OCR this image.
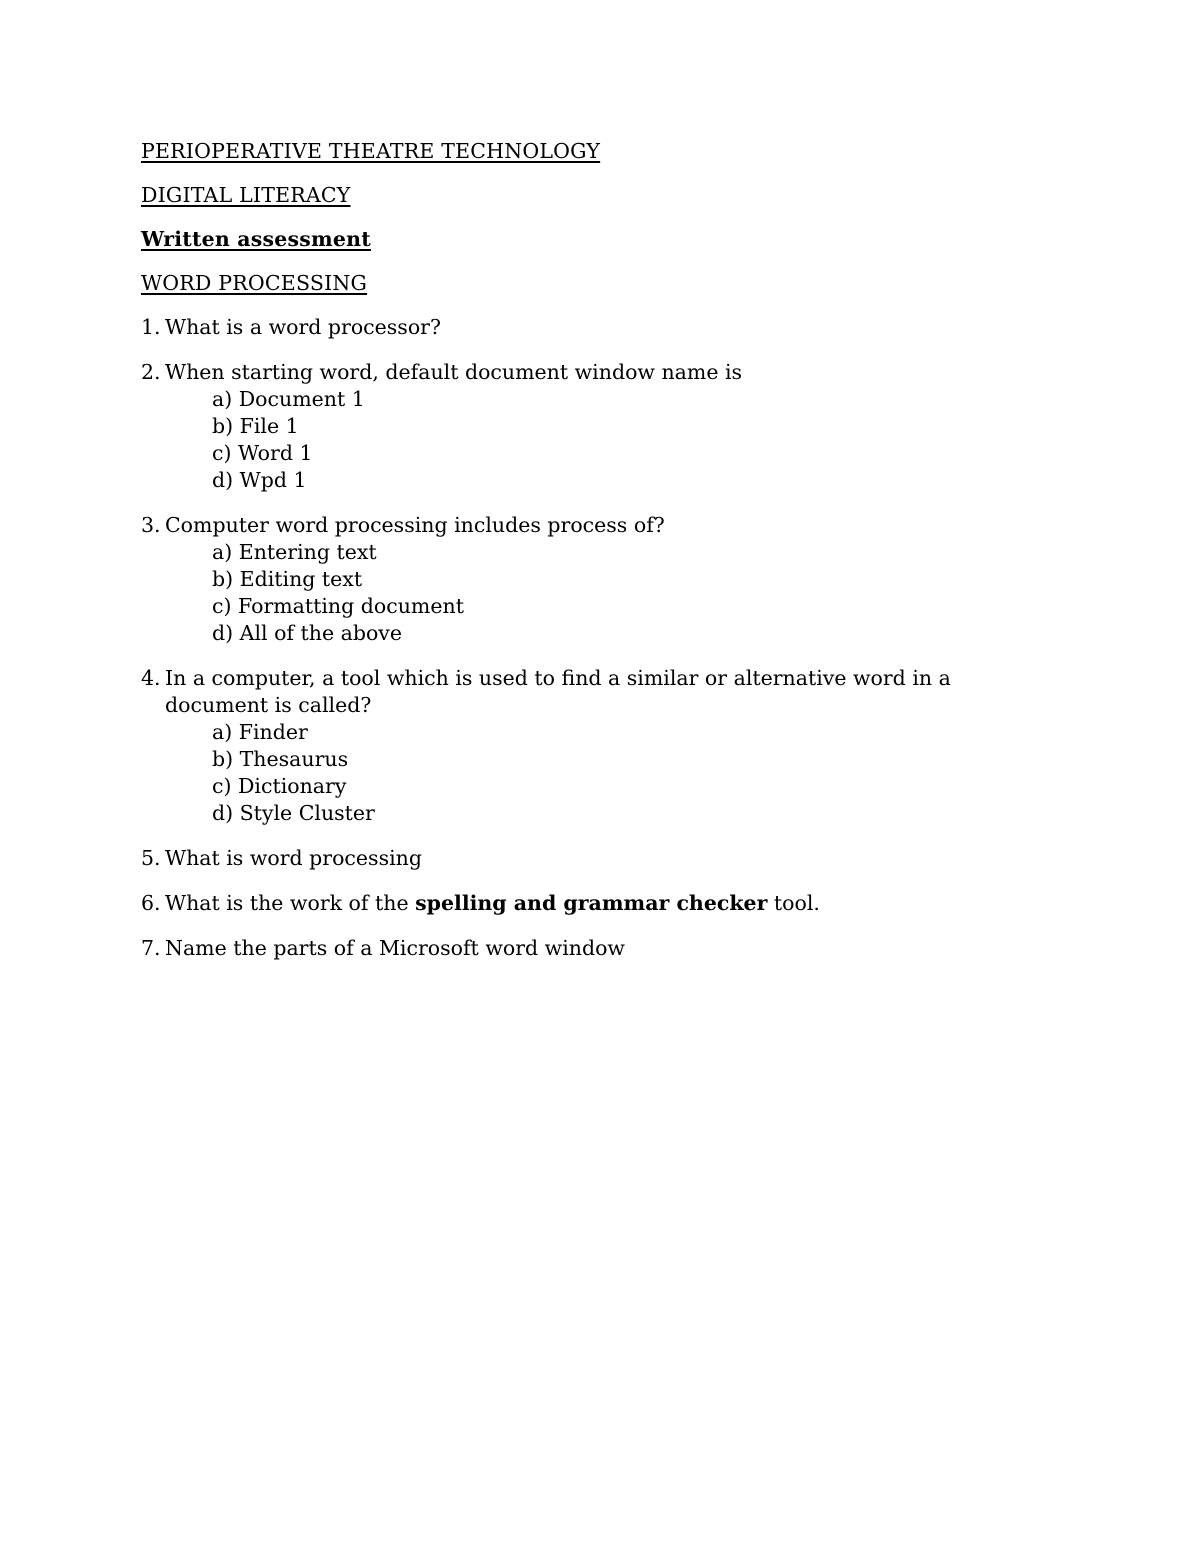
PERIOPERATIVE THEATRE TECHNOLOGY
DIGITAL LITERACY
Written assessment
WORD PROCESSING
1. What is a word processor?
2. When starting word, default document window name is
a) Document 1
b) File 1
c) Word 1
d) Wpd 1
3. Computer word processing includes process of?
a) Entering text
b) Editing text
c) Formatting document
d) All of the above
4. In a computer, a tool which is used to find a similar or alternative word in a
document is called?
a) Finder
b) Thesaurus
c) Dictionary
d) Style Cluster
5. What is word processing
6. What is the work of the spelling and grammar checker tool.
7. Name the parts of a Microsoft word window
